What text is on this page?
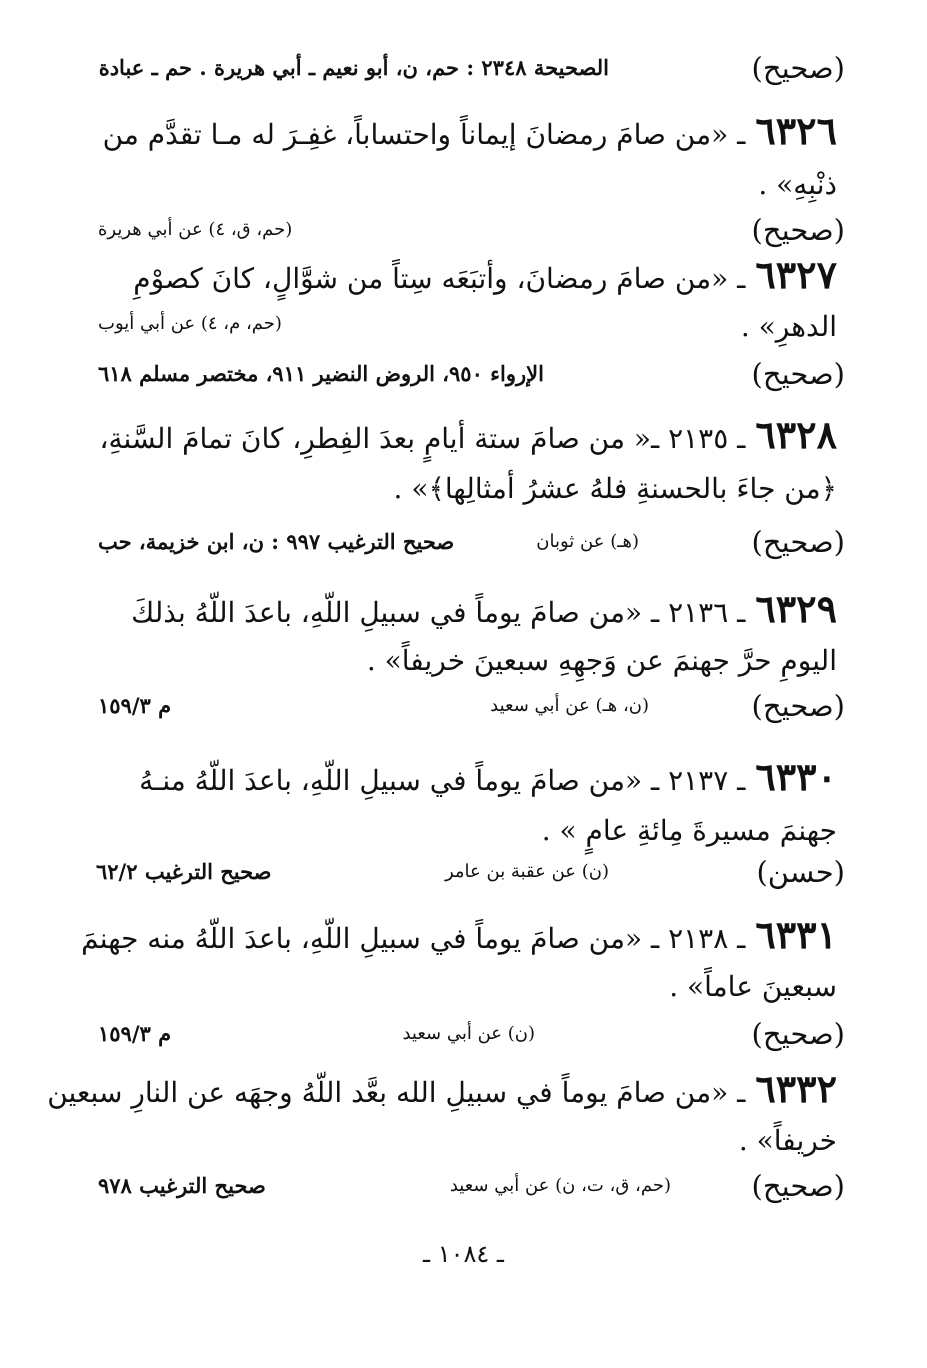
(صحيح)
الصحيحة ٢٣٤٨ : حم، ن، أبو نعيم ـ أبي هريرة . حم ـ عبادة
٦٣٢٦ـ «من صامَ رمضانَ إيماناً واحتساباً، غفِـرَ له مـا تقدَّم من
ذنْبِهِ» .
(صحيح)
(حم، ق، ٤) عن أبي هريرة
٦٣٢٧ـ «من صامَ رمضانَ، وأتبَعَه سِتاً من شوَّالٍ، كانَ كصوْمِ
الدهرِ» .
(حم، م، ٤) عن أبي أيوب
(صحيح)
الإرواء ٩٥٠، الروض النضير ٩١١، مختصر مسلم ٦١٨
٦٣٢٨ـ ٢١٣٥ ـ« من صامَ ستة أيامٍ بعدَ الفِطرِ، كانَ تمامَ السَّنةِ،
﴿من جاءَ بالحسنةِ فلهُ عشرُ أمثالِها﴾» .
(صحيح)
(هـ) عن ثوبان
صحيح الترغيب ٩٩٧ : ن، ابن خزيمة، حب
٦٣٢٩ـ ٢١٣٦ ـ «من صامَ يوماً في سبيلِ اللّهِ، باعدَ اللّهُ بذلكَ
اليومِ حرَّ جهنمَ عن وَجهِهِ سبعينَ خريفاً» .
(صحيح)
(ن، هـ) عن أبي سعيد
م ١٥٩/٣
٦٣٣٠ـ ٢١٣٧ ـ «من صامَ يوماً في سبيلِ اللّهِ، باعدَ اللّهُ منـهُ
جهنمَ مسيرةَ مِائةِ عامٍ » .
(حسن)
(ن) عن عقبة بن عامر
صحيح الترغيب ٦٢/٢
٦٣٣١ـ ٢١٣٨ ـ «من صامَ يوماً في سبيلِ اللّهِ، باعدَ اللّهُ منه جهنمَ
سبعينَ عاماً» .
(صحيح)
(ن) عن أبي سعيد
م ١٥٩/٣
٦٣٣٢ـ «من صامَ يوماً في سبيلِ الله بعَّد اللّهُ وجهَه عن النارِ سبعين
خريفاً» .
(صحيح)
(حم، ق، ت، ن) عن أبي سعيد
صحيح الترغيب ٩٧٨
ـ ١٠٨٤ ـ
